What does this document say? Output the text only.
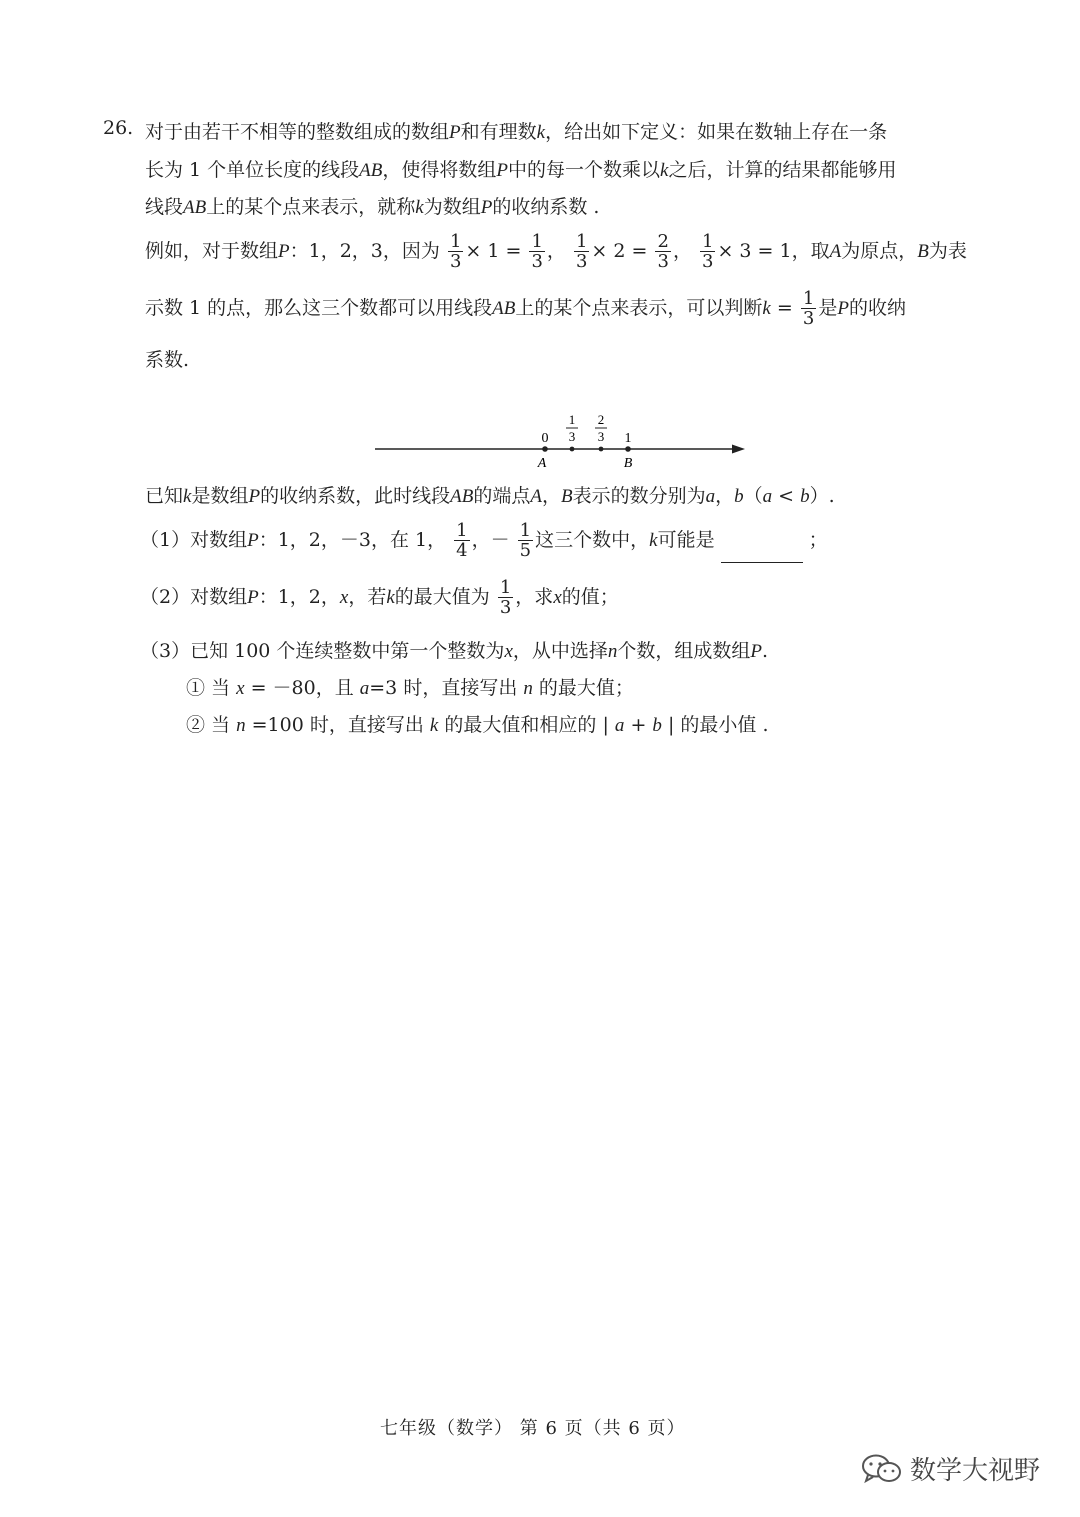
26. 对于由若干不相等的整数组成的数组P和有理数k，给出如下定义：如果在数轴上存在一条
长为 1 个单位长度的线段AB，使得将数组P中的每一个数乘以k之后，计算的结果都能够用
线段AB上的某个点来表示，就称k为数组P的收纳系数 .
例如，对于数组P：1，2，3，因为 $\frac{1}{3} \times 1 = \frac{1}{3}$ ， $\frac{1}{3} \times 2 = \frac{2}{3}$ ， $\frac{1}{3} \times 3 = 1$，取A为原点，B为表
示数 1 的点，那么这三个数都可以用线段AB上的某个点来表示，可以判断$k = \frac{1}{3}$ 是P的收纳
系数.
0	1
1
3
2
3
A	B
已知k是数组P的收纳系数，此时线段AB的端点A，B表示的数分别为a，b（a < b）.
（1）对数组P：1，2，－3，在 1， $\frac{1}{4}$ ，－ $\frac{1}{5}$ 这三个数中，k可能是	；
（2）对数组P：1，2，x，若k的最大值为 $\frac{1}{3}$ ，求x的值；
（3）已知 100 个连续整数中第一个整数为x，从中选择n个数，组成数组P.
① 当 x = －80，且 a=3 时，直接写出 n 的最大值；
② 当 n =100 时，直接写出 k 的最大值和相应的 | a + b | 的最小值 .
七年级（数学） 第 6 页（共 6 页）
数学大视野
